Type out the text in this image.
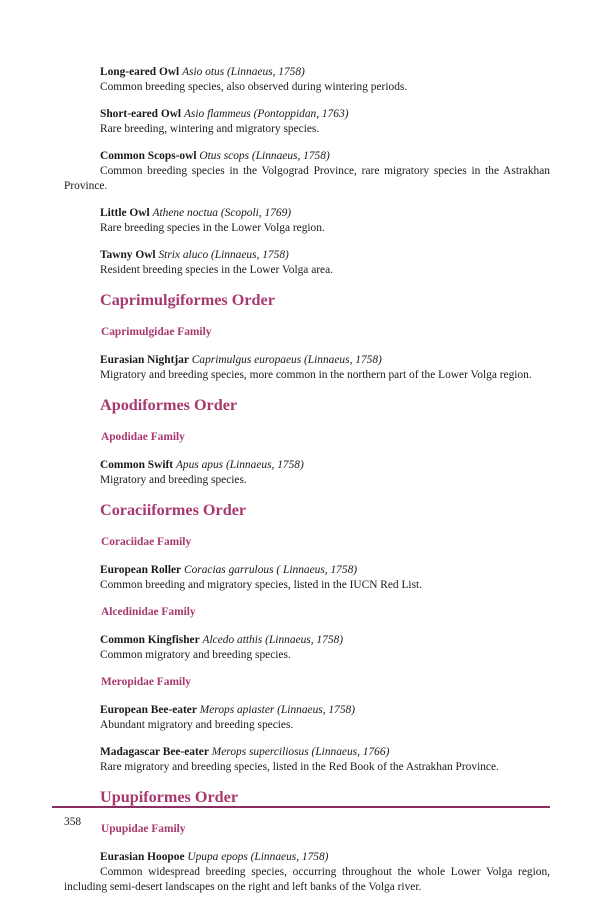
Long-eared Owl Asio otus (Linnaeus, 1758)
Common breeding species, also observed during wintering periods.
Short-eared Owl Asio flammeus (Pontoppidan, 1763)
Rare breeding, wintering and migratory species.
Common Scops-owl Otus scops (Linnaeus, 1758)
Common breeding species in the Volgograd Province, rare migratory species in the Astrakhan Province.
Little Owl Athene noctua (Scopoli, 1769)
Rare breeding species in the Lower Volga region.
Tawny Owl Strix aluco (Linnaeus, 1758)
Resident breeding species in the Lower Volga area.
Caprimulgiformes Order
Caprimulgidae Family
Eurasian Nightjar Caprimulgus europaeus (Linnaeus, 1758)
Migratory and breeding species, more common in the northern part of the Lower Volga region.
Apodiformes Order
Apodidae Family
Common Swift Apus apus (Linnaeus, 1758)
Migratory and breeding species.
Coraciiformes Order
Coraciidae Family
European Roller Coracias garrulous ( Linnaeus, 1758)
Common breeding and migratory species, listed in the IUCN Red List.
Alcedinidae Family
Common Kingfisher Alcedo atthis (Linnaeus, 1758)
Common migratory and breeding species.
Meropidae Family
European Bee-eater Merops apiaster (Linnaeus, 1758)
Abundant migratory and breeding species.
Madagascar Bee-eater Merops superciliosus (Linnaeus, 1766)
Rare migratory and breeding species, listed in the Red Book of the Astrakhan Province.
Upupiformes Order
Upupidae Family
Eurasian Hoopoe Upupa epops (Linnaeus, 1758)
Common widespread breeding species, occurring throughout the whole Lower Volga region, including semi-desert landscapes on the right and left banks of the Volga river.
358
